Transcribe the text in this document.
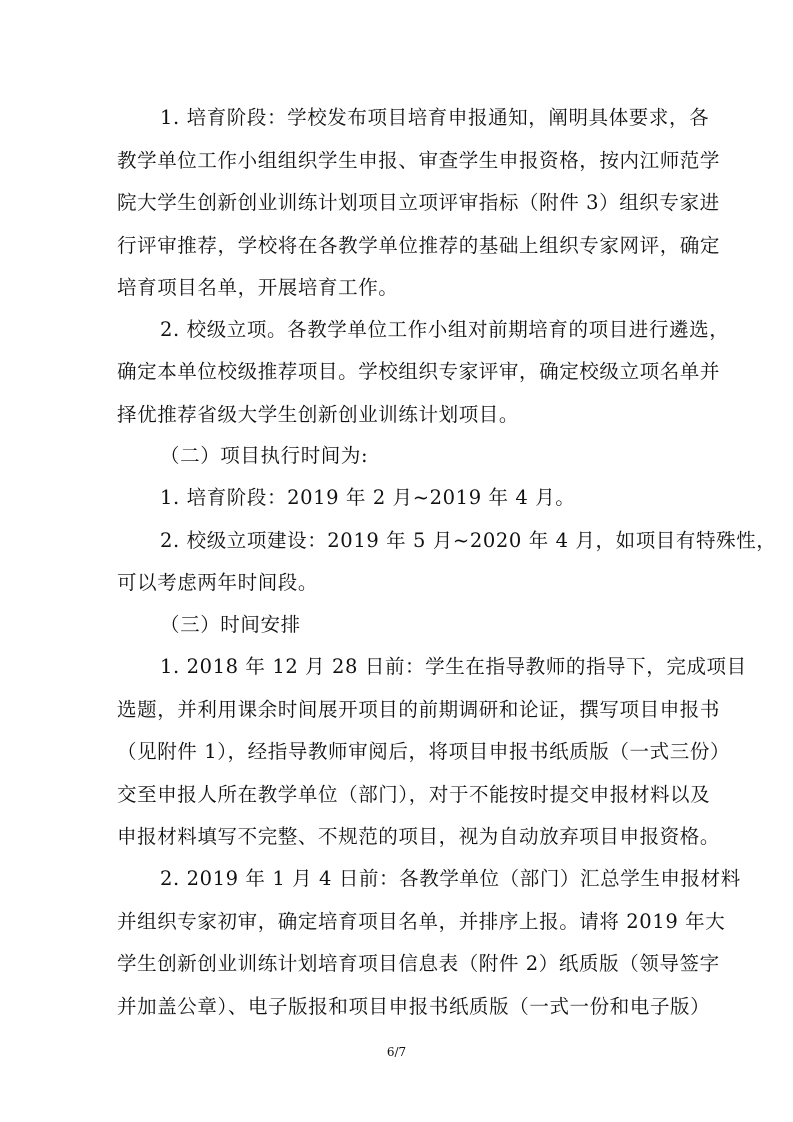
1. 培育阶段：学校发布项目培育申报通知，阐明具体要求，各
教学单位工作小组组织学生申报、审查学生申报资格，按内江师范学
院大学生创新创业训练计划项目立项评审指标（附件 3）组织专家进
行评审推荐，学校将在各教学单位推荐的基础上组织专家网评，确定
培育项目名单，开展培育工作。
2. 校级立项。各教学单位工作小组对前期培育的项目进行遴选，
确定本单位校级推荐项目。学校组织专家评审，确定校级立项名单并
择优推荐省级大学生创新创业训练计划项目。
（二）项目执行时间为:
1. 培育阶段：2019 年 2 月~2019 年 4 月。
2. 校级立项建设：2019 年 5 月~2020 年 4 月，如项目有特殊性，
可以考虑两年时间段。
（三）时间安排
1. 2018 年 12 月 28 日前：学生在指导教师的指导下，完成项目
选题，并利用课余时间展开项目的前期调研和论证，撰写项目申报书
（见附件 1），经指导教师审阅后，将项目申报书纸质版（一式三份）
交至申报人所在教学单位（部门），对于不能按时提交申报材料以及
申报材料填写不完整、不规范的项目，视为自动放弃项目申报资格。
2. 2019 年 1 月 4 日前：各教学单位（部门）汇总学生申报材料
并组织专家初审，确定培育项目名单，并排序上报。请将 2019 年大
学生创新创业训练计划培育项目信息表（附件 2）纸质版（领导签字
并加盖公章）、电子版报和项目申报书纸质版（一式一份和电子版）
6/7
